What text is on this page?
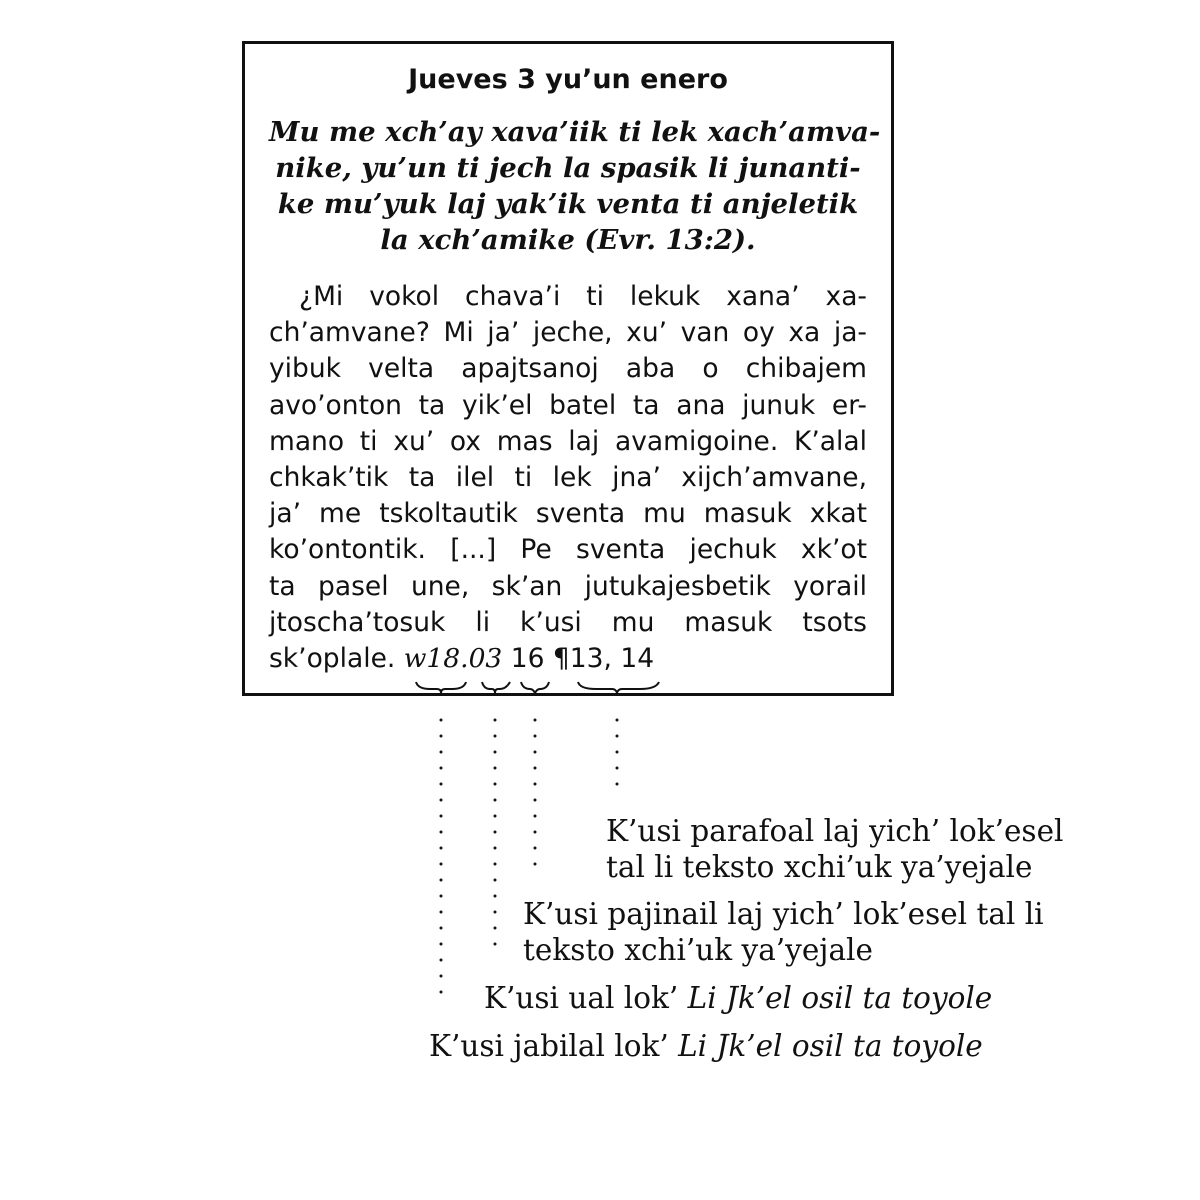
Jueves 3 yu’un enero
Mu me xch’ay xava’iik ti lek xach’amva-
nike, yu’un ti jech la spasik li junanti-
ke mu’yuk laj yak’ik venta ti anjeletik
la xch’amike (Evr. 13:2).
¿Mi vokol chava’i ti lekuk xana’ xa-
ch’amvane? Mi ja’ jeche, xu’ van oy xa ja-
yibuk velta apajtsanoj aba o chibajem
avo’onton ta yik’el batel ta ana junuk er-
mano ti xu’ ox mas laj avamigoine. K’alal
chkak’tik ta ilel ti lek jna’ xijch’amvane,
ja’ me tskoltautik sventa mu masuk xkat
ko’ontontik. [...] Pe sventa jechuk xk’ot
ta pasel une, sk’an jutukajesbetik yorail
jtoscha’tosuk li k’usi mu masuk tsots
sk’oplale. w18.03 16 ¶13, 14
K’usi parafoal laj yich’ lok’esel
tal li teksto xchi’uk ya’yejale
K’usi pajinail laj yich’ lok’esel tal li
teksto xchi’uk ya’yejale
K’usi ual lok’ Li Jk’el osil ta toyole
K’usi jabilal lok’ Li Jk’el osil ta toyole
